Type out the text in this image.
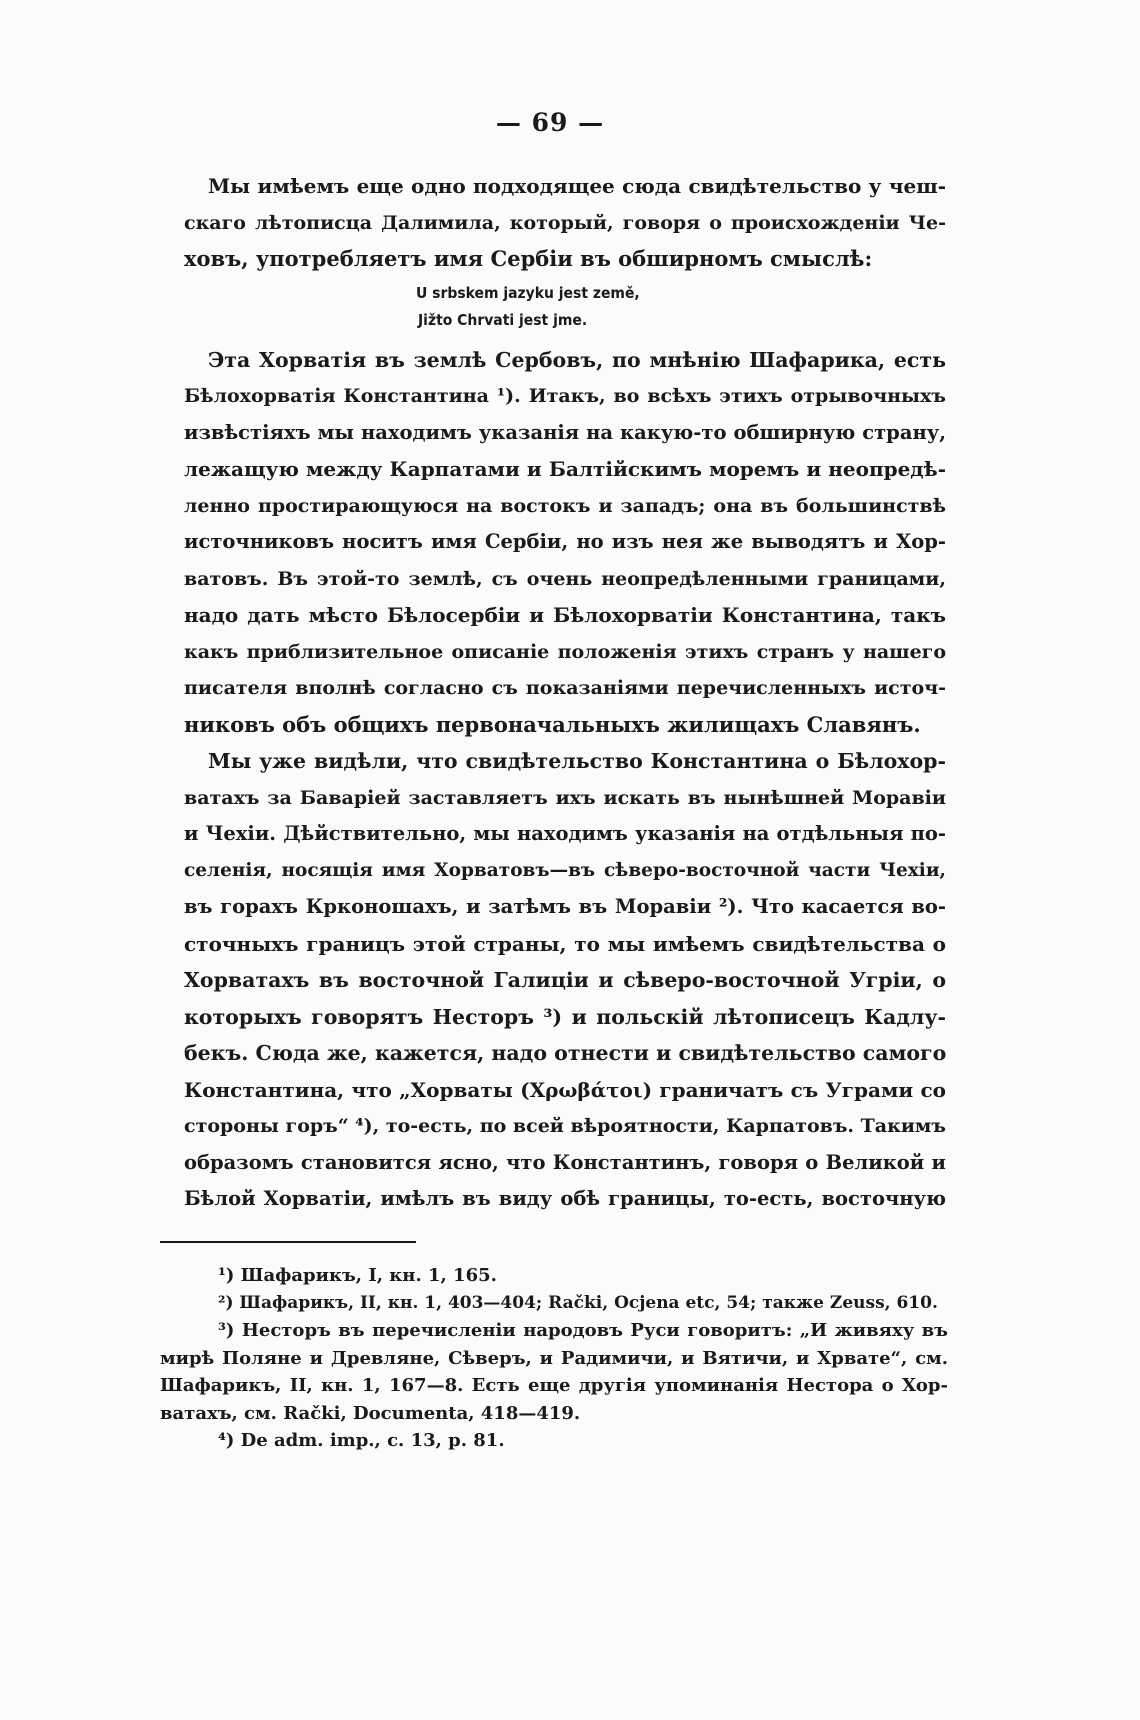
— 69 —
Мы имѣемъ еще одно подходящее сюда свидѣтельство у чеш-
скаго лѣтописца Далимила, который, говоря о происхожденіи Че-
ховъ, употребляетъ имя Сербіи въ обширномъ смыслѣ:
U srbskem jazyku jest země,
Jižto Chrvati jest jme.
Эта Хорватія въ землѣ Сербовъ, по мнѣнію Шафарика, есть
Бѣлохорватія Константина ¹). Итакъ, во всѣхъ этихъ отрывочныхъ
извѣстіяхъ мы находимъ указанія на какую-то обширную страну,
лежащую между Карпатами и Балтійскимъ моремъ и неопредѣ-
ленно простирающуюся на востокъ и западъ; она въ большинствѣ
источниковъ носитъ имя Сербіи, но изъ нея же выводятъ и Хор-
ватовъ. Въ этой-то землѣ, съ очень неопредѣленными границами,
надо дать мѣсто Бѣлосербіи и Бѣлохорватіи Константина, такъ
какъ приблизительное описаніе положенія этихъ странъ у нашего
писателя вполнѣ согласно съ показаніями перечисленныхъ источ-
никовъ объ общихъ первоначальныхъ жилищахъ Славянъ.
Мы уже видѣли, что свидѣтельство Константина о Бѣлохор-
ватахъ за Баваріей заставляетъ ихъ искать въ нынѣшней Моравіи
и Чехіи. Дѣйствительно, мы находимъ указанія на отдѣльныя по-
селенія, носящія имя Хорватовъ—въ сѣверо-восточной части Чехіи,
въ горахъ Крконошахъ, и затѣмъ въ Моравіи ²). Что касается во-
сточныхъ границъ этой страны, то мы имѣемъ свидѣтельства о
Хорватахъ въ восточной Галиціи и сѣверо-восточной Угріи, о
которыхъ говорятъ Несторъ ³) и польскій лѣтописецъ Кадлу-
бекъ. Сюда же, кажется, надо отнести и свидѣтельство самого
Константина, что „Хорваты (Χρωβάτοι) граничатъ съ Уграми со
стороны горъ“ ⁴), то-есть, по всей вѣроятности, Карпатовъ. Такимъ
образомъ становится ясно, что Константинъ, говоря о Великой и
Бѣлой Хорватіи, имѣлъ въ виду обѣ границы, то-есть, восточную
¹) Шафарикъ, I, кн. 1, 165.
²) Шафарикъ, II, кн. 1, 403—404; Rački, Ocjena etc, 54; также Zeuss, 610.
³) Несторъ въ перечисленіи народовъ Руси говоритъ: „И живяху въ
мирѣ Поляне и Древляне, Сѣверъ, и Радимичи, и Вятичи, и Хрвате“, см.
Шафарикъ, II, кн. 1, 167—8. Есть еще другія упоминанія Нестора о Хор-
ватахъ, см. Rački, Documenta, 418—419.
⁴) De adm. imp., c. 13, p. 81.
